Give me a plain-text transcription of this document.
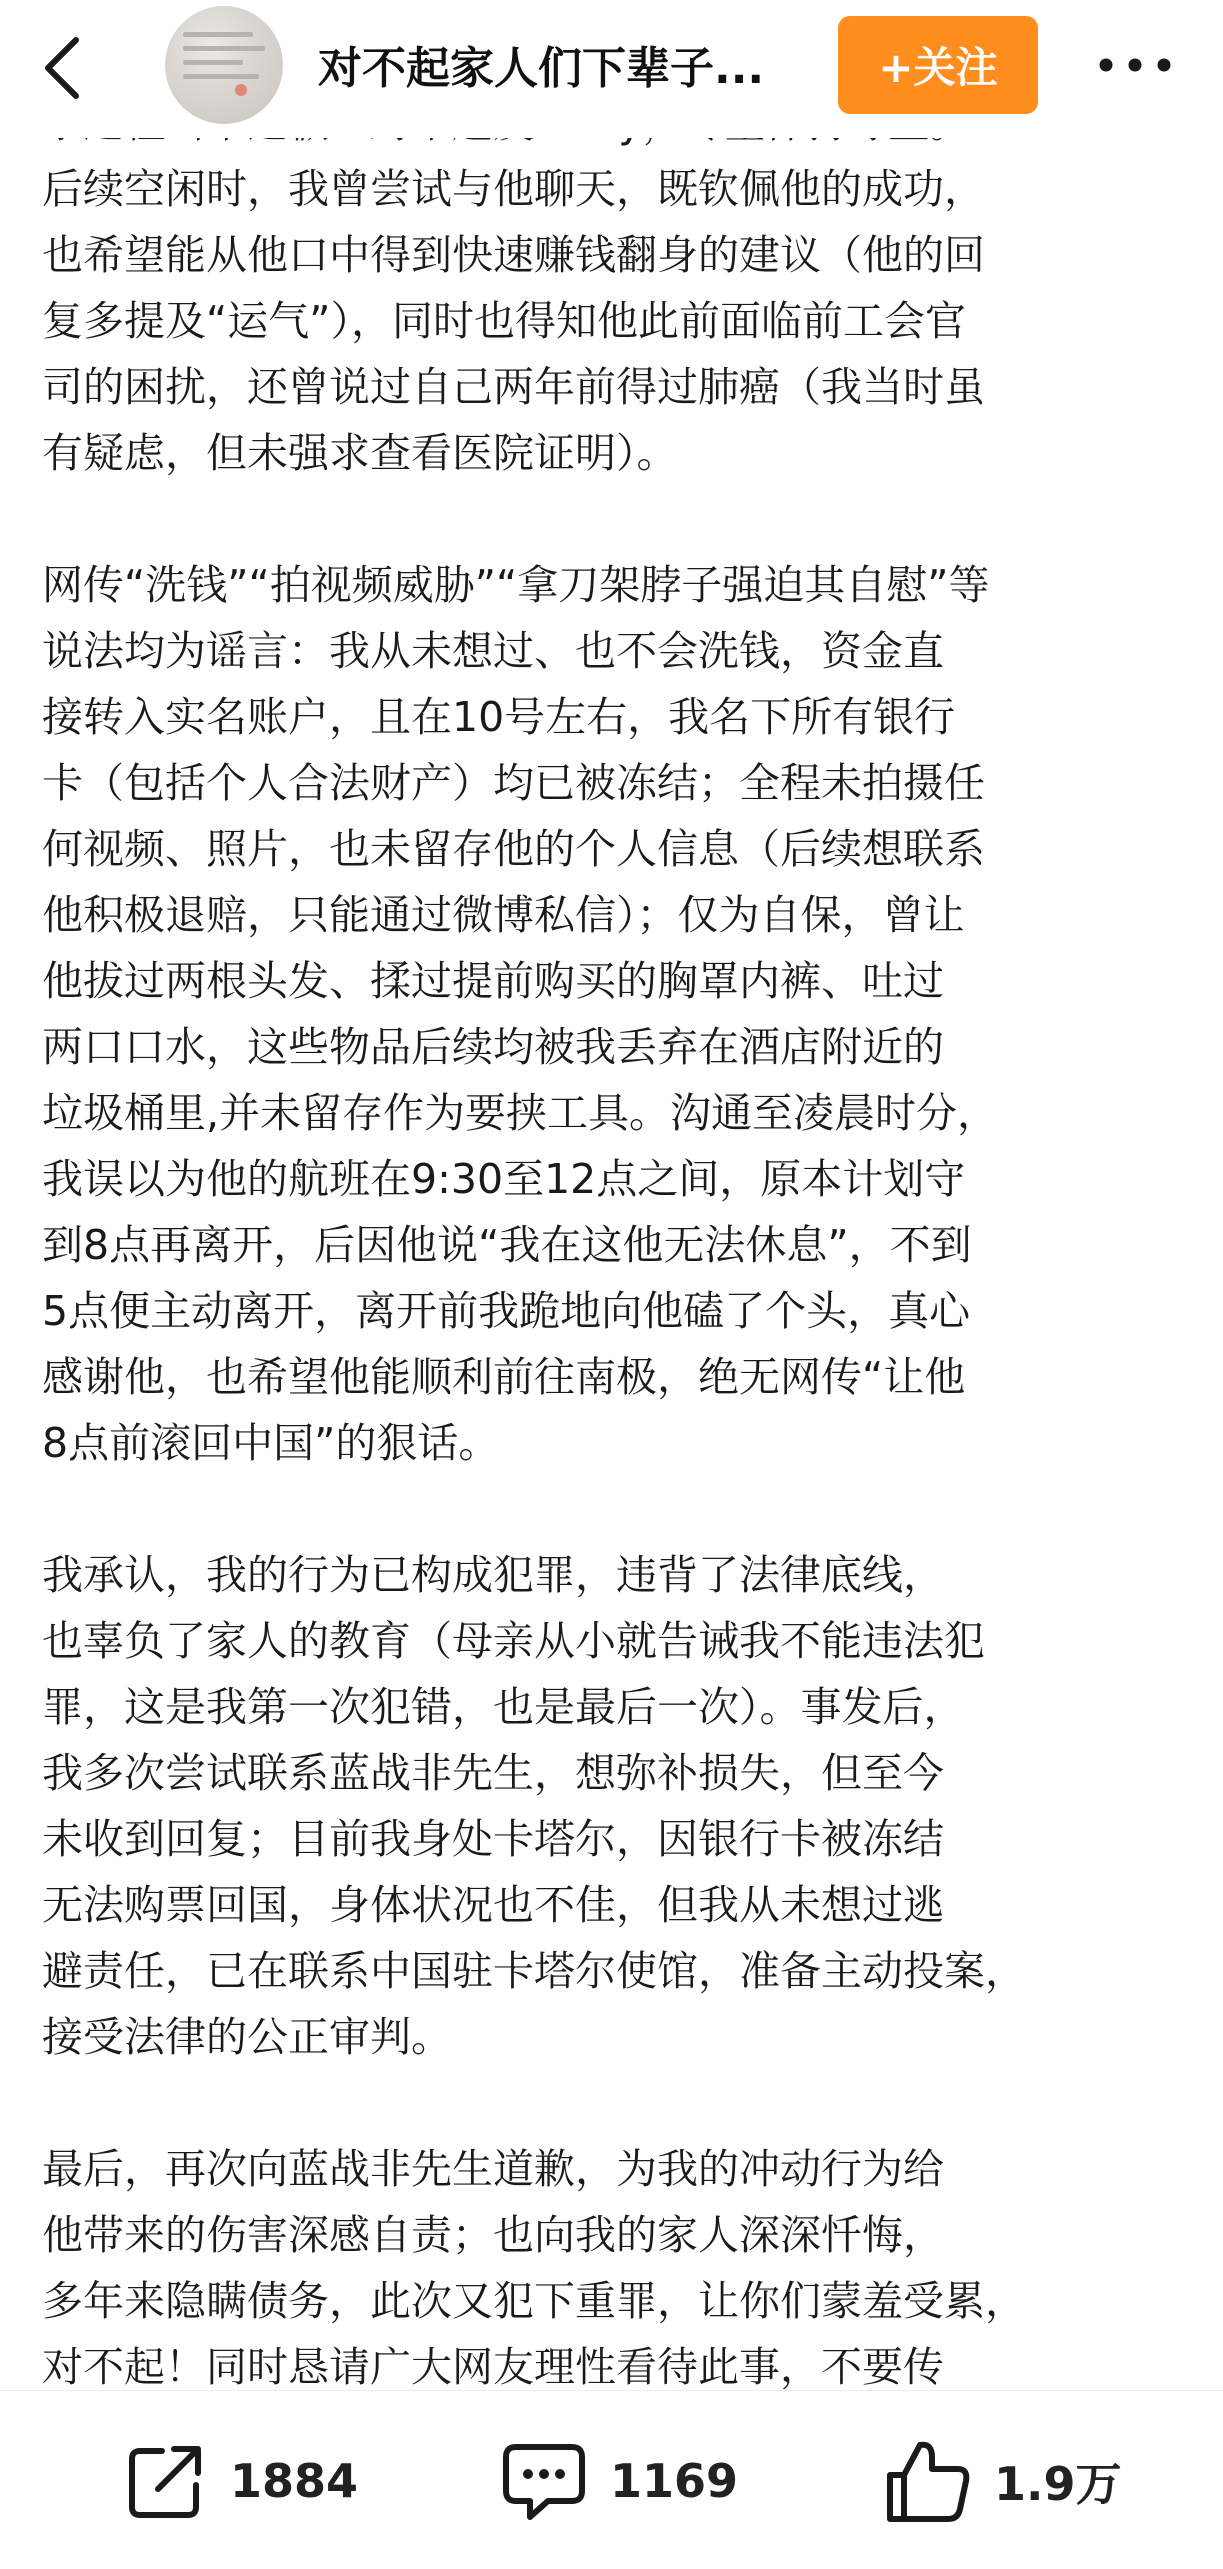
对不起家人们下辈子...	+关注
后续空闲时，我曾尝试与他聊天，既钦佩他的成功，
也希望能从他口中得到快速赚钱翻身的建议（他的回
复多提及“运气”），同时也得知他此前面临前工会官
司的困扰，还曾说过自己两年前得过肺癌（我当时虽
有疑虑，但未强求查看医院证明）。
网传“洗钱”“拍视频威胁”“拿刀架脖子强迫其自慰”等
说法均为谣言：我从未想过、也不会洗钱，资金直
接转入实名账户，且在10号左右，我名下所有银行
卡（包括个人合法财产）均已被冻结；全程未拍摄任
何视频、照片，也未留存他的个人信息（后续想联系
他积极退赔，只能通过微博私信）；仅为自保，曾让
他拔过两根头发、揉过提前购买的胸罩内裤、吐过
两口口水，这些物品后续均被我丢弃在酒店附近的
垃圾桶里,并未留存作为要挟工具。沟通至凌晨时分，
我误以为他的航班在9:30至12点之间，原本计划守
到8点再离开，后因他说“我在这他无法休息”，不到
5点便主动离开，离开前我跪地向他磕了个头，真心
感谢他，也希望他能顺利前往南极，绝无网传“让他
8点前滚回中国”的狠话。
我承认，我的行为已构成犯罪，违背了法律底线，
也辜负了家人的教育（母亲从小就告诫我不能违法犯
罪，这是我第一次犯错，也是最后一次）。事发后，
我多次尝试联系蓝战非先生，想弥补损失，但至今
未收到回复；目前我身处卡塔尔，因银行卡被冻结
无法购票回国，身体状况也不佳，但我从未想过逃
避责任，已在联系中国驻卡塔尔使馆，准备主动投案，
接受法律的公正审判。
最后，再次向蓝战非先生道歉，为我的冲动行为给
他带来的伤害深感自责；也向我的家人深深忏悔，
多年来隐瞒债务，此次又犯下重罪，让你们蒙羞受累，
对不起！同时恳请广大网友理性看待此事，不要传
1884	1169	1.9万
